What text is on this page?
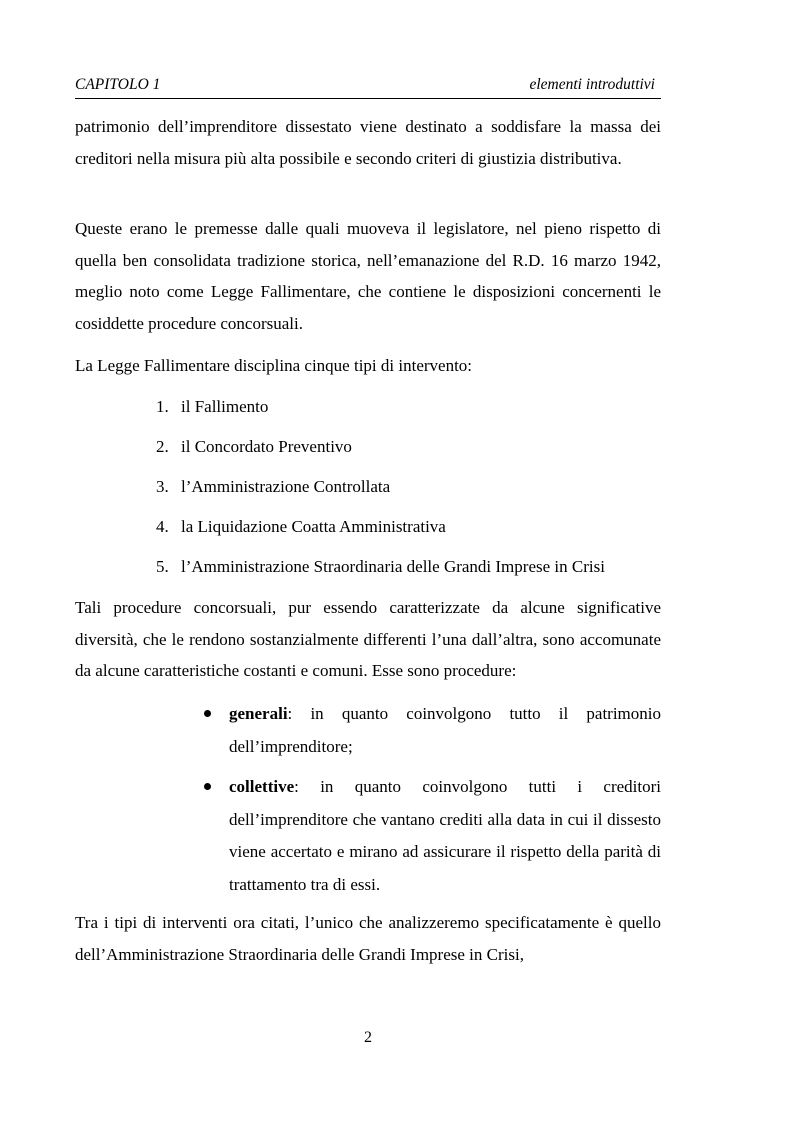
CAPITOLO 1	elementi introduttivi

patrimonio dell’imprenditore dissestato viene destinato a soddisfare la massa dei creditori nella misura più alta possibile e secondo criteri di giustizia distributiva.

Queste erano le premesse dalle quali muoveva il legislatore, nel pieno rispetto di quella ben consolidata tradizione storica, nell’emanazione del R.D. 16 marzo 1942, meglio noto come Legge Fallimentare, che contiene le disposizioni concernenti le cosiddette procedure concorsuali.

La Legge Fallimentare disciplina cinque tipi di intervento:

1. il Fallimento
2. il Concordato Preventivo
3. l’Amministrazione Controllata
4. la Liquidazione Coatta Amministrativa
5. l’Amministrazione Straordinaria delle Grandi Imprese in Crisi

Tali procedure concorsuali, pur essendo caratterizzate da alcune significative diversità, che le rendono sostanzialmente differenti l’una dall’altra, sono accomunate da alcune caratteristiche costanti e comuni. Esse sono procedure:

generali: in quanto coinvolgono tutto il patrimonio dell’imprenditore;

collettive: in quanto coinvolgono tutti i creditori dell’imprenditore che vantano crediti alla data in cui il dissesto viene accertato e mirano ad assicurare il rispetto della parità di trattamento tra di essi.

Tra i tipi di interventi ora citati, l’unico che analizzeremo specificatamente è quello dell’Amministrazione Straordinaria delle Grandi Imprese in Crisi,

2
